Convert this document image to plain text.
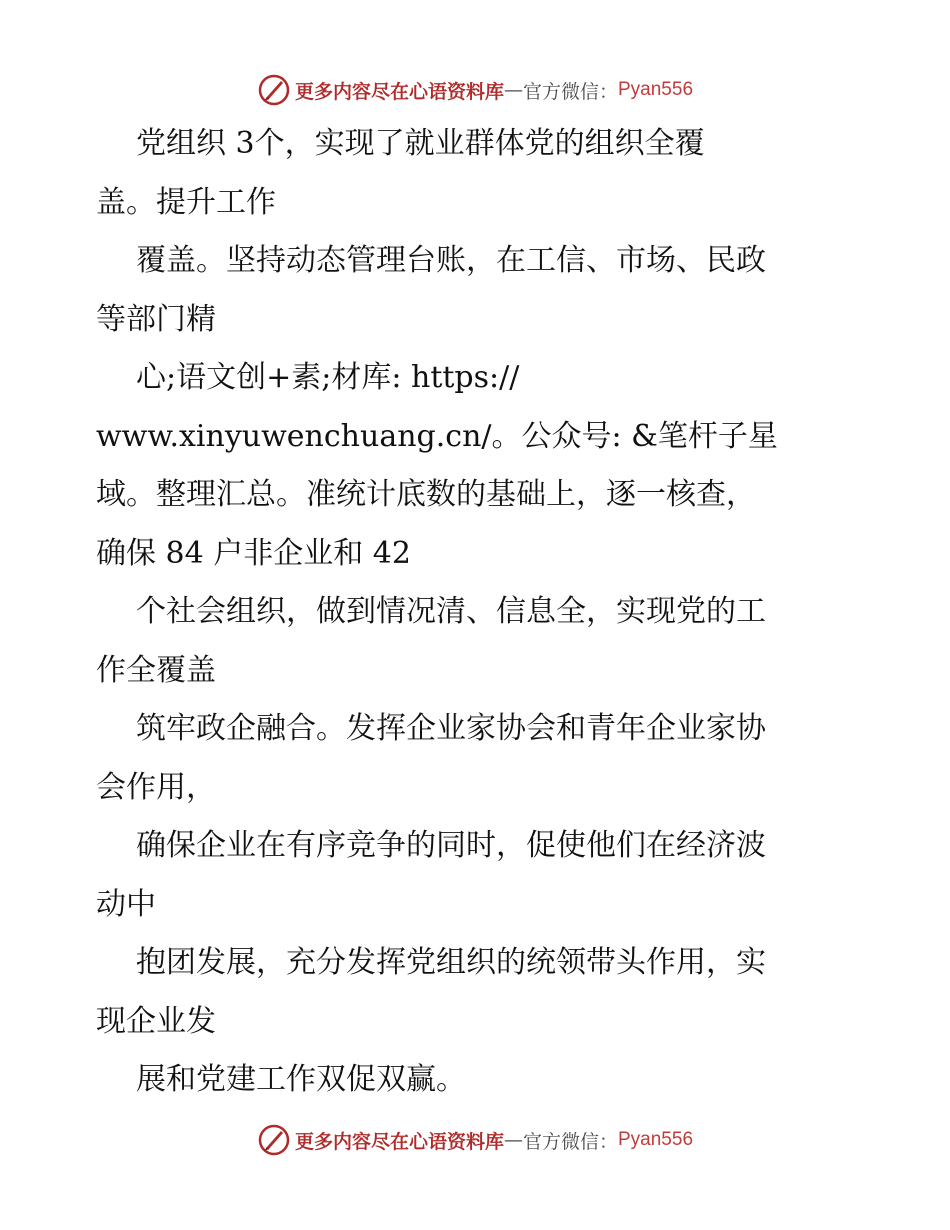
更多内容尽在心语资料库 — 官方微信： Pyan556
党组织 3个，实现了就业群体党的组织全覆
盖。提升工作
覆盖。坚持动态管理台账，在工信、市场、民政
等部门精
心;语文创+素;材库: https://
www.xinyuwenchuang.cn/。公众号: &笔杆子星
域。整理汇总。准统计底数的基础上，逐一核查，
确保 84 户非企业和 42
个社会组织，做到情况清、信息全，实现党的工
作全覆盖
筑牢政企融合。发挥企业家协会和青年企业家协
会作用，
确保企业在有序竞争的同时，促使他们在经济波
动中
抱团发展，充分发挥党组织的统领带头作用，实
现企业发
展和党建工作双促双赢。
更多内容尽在心语资料库 — 官方微信： Pyan556
